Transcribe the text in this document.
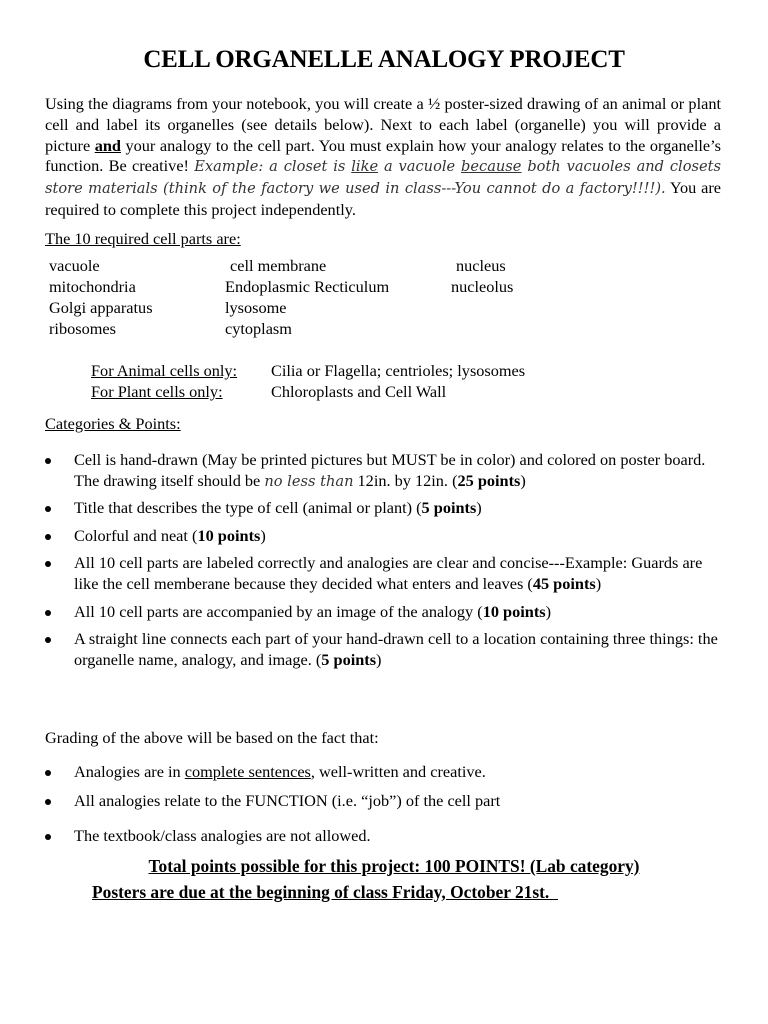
CELL ORGANELLE ANALOGY PROJECT

Using the diagrams from your notebook, you will create a ½ poster-sized drawing of an animal or plant cell and label its organelles (see details below). Next to each label (organelle) you will provide a picture and your analogy to the cell part. You must explain how your analogy relates to the organelle’s function. Be creative! Example: a closet is like a vacuole because both vacuoles and closets store materials (think of the factory we used in class---You cannot do a factory!!!!). You are required to complete this project independently.

The 10 required cell parts are:

vacuole	cell membrane	nucleus
mitochondria	Endoplasmic Recticulum	nucleolus
Golgi apparatus	lysosome
ribosomes	cytoplasm
For Animal cells only: Cilia or Flagella; centrioles; lysosomes
For Plant cells only:	Chloroplasts and Cell Wall

Categories & Points:

Cell is hand-drawn (May be printed pictures but MUST be in color) and colored on poster board. The drawing itself should be no less than 12in. by 12in. (25 points)
Title that describes the type of cell (animal or plant) (5 points)
Colorful and neat (10 points)
All 10 cell parts are labeled correctly and analogies are clear and concise---Example: Guards are like the cell memberane because they decided what enters and leaves (45 points)
All 10 cell parts are accompanied by an image of the analogy (10 points)
A straight line connects each part of your hand-drawn cell to a location containing three things: the organelle name, analogy, and image. (5 points)

Grading of the above will be based on the fact that:

Analogies are in complete sentences, well-written and creative.
All analogies relate to the FUNCTION (i.e. “job”) of the cell part
The textbook/class analogies are not allowed.

Total points possible for this project: 100 POINTS! (Lab category)

Posters are due at the beginning of class Friday, October 21st.
